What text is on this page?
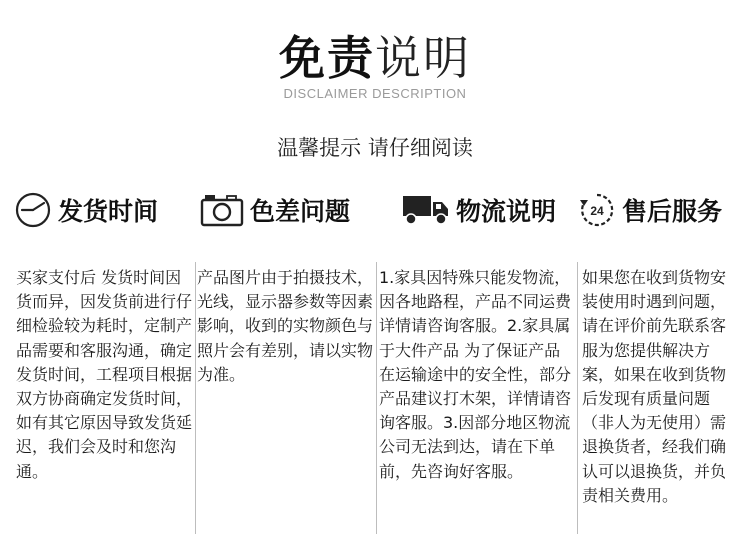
免责说明
DISCLAIMER DESCRIPTION
温馨提示 请仔细阅读
发货时间	色差问题	物流说明	24 售后服务
买家支付后 发货时间因货而异，因发货前进行仔细检验较为耗时，定制产品需要和客服沟通，确定发货时间，工程项目根据双方协商确定发货时间，如有其它原因导致发货延迟，我们会及时和您沟通。
产品图片由于拍摄技术，光线，显示器参数等因素影响，收到的实物颜色与照片会有差别，请以实物为准。
1.家具因特殊只能发物流，因各地路程，产品不同运费详情请咨询客服。2.家具属于大件产品 为了保证产品在运输途中的安全性，部分产品建议打木架，详情请咨询客服。3.因部分地区物流公司无法到达，请在下单前，先咨询好客服。
如果您在收到货物安装使用时遇到问题，请在评价前先联系客服为您提供解决方案，如果在收到货物后发现有质量问题（非人为无使用）需退换货者，经我们确认可以退换货，并负责相关费用。
